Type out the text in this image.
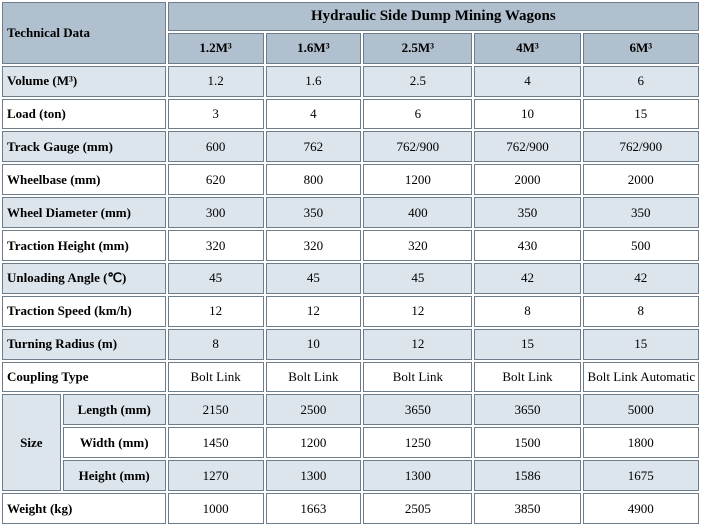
Technical Data		Hydraulic Side Dump Mining Wagons				
		1.2M³	1.6M³	2.5M³	4M³	6M³
Volume (M³)		1.2	1.6	2.5	4	6
Load (ton)		3	4	6	10	15
Track Gauge (mm)		600	762	762/900	762/900	762/900
Wheelbase (mm)		620	800	1200	2000	2000
Wheel Diameter (mm)		300	350	400	350	350
Traction Height (mm)		320	320	320	430	500
Unloading Angle (℃)		45	45	45	42	42
Traction Speed (km/h)		12	12	12	8	8
Turning Radius (m)		8	10	12	15	15
Coupling Type		Bolt Link	Bolt Link	Bolt Link	Bolt Link	Bolt Link Automatic
Size	Length (mm)	2150	2500	3650	3650	5000
	Width (mm)	1450	1200	1250	1500	1800
	Height (mm)	1270	1300	1300	1586	1675
Weight (kg)		1000	1663	2505	3850	4900
